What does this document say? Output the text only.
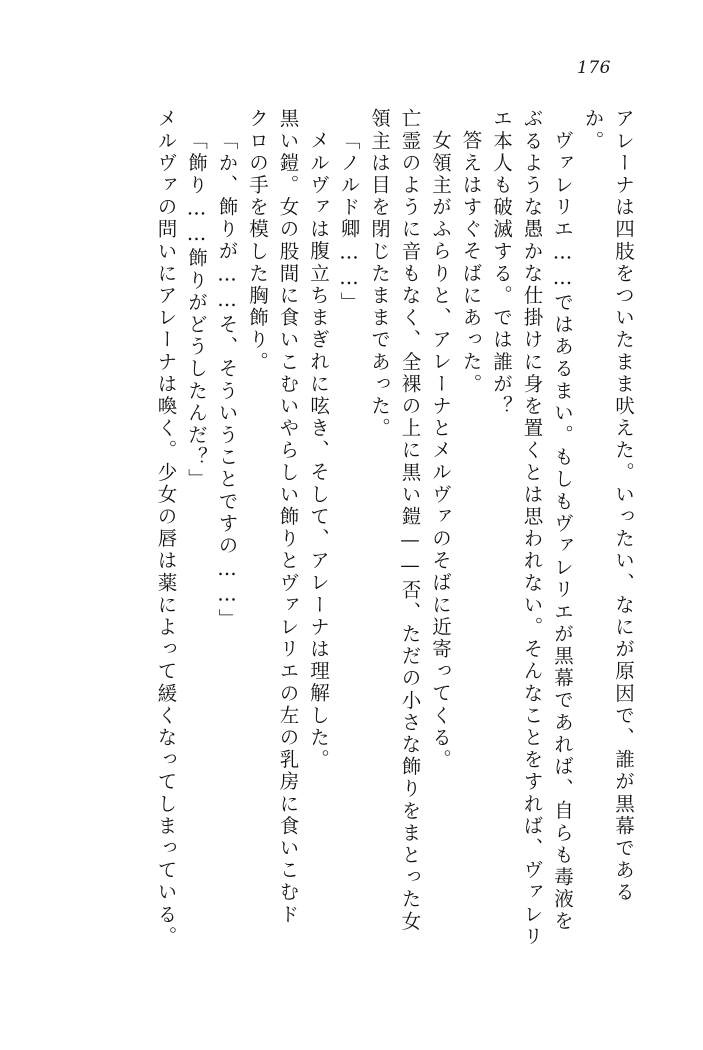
176
アレーナは四肢をついたまま吠えた。いったい、なにが原因で、誰が黒幕である
か。
ヴァレリエ……ではあるまい。もしもヴァレリエが黒幕であれば、自らも毒液を
ぶるような愚かな仕掛けに身を置くとは思われない。そんなことをすれば、ヴァレリ
エ本人も破滅する。では誰が？
答えはすぐそばにあった。
女領主がふらりと、アレーナとメルヴァのそばに近寄ってくる。
亡霊のように音もなく、全裸の上に黒い鎧——否、ただの小さな飾りをまとった女
領主は目を閉じたままであった。
「ノルド卿……」
メルヴァは腹立ちまぎれに呟き、そして、アレーナは理解した。
黒い鎧。女の股間に食いこむいやらしい飾りとヴァレリエの左の乳房に食いこむド
クロの手を模した胸飾り。
「か、飾りが……そ、そういうことですの……」
「飾り……飾りがどうしたんだ？」
メルヴァの問いにアレーナは喚く。少女の唇は薬によって緩くなってしまっている。
